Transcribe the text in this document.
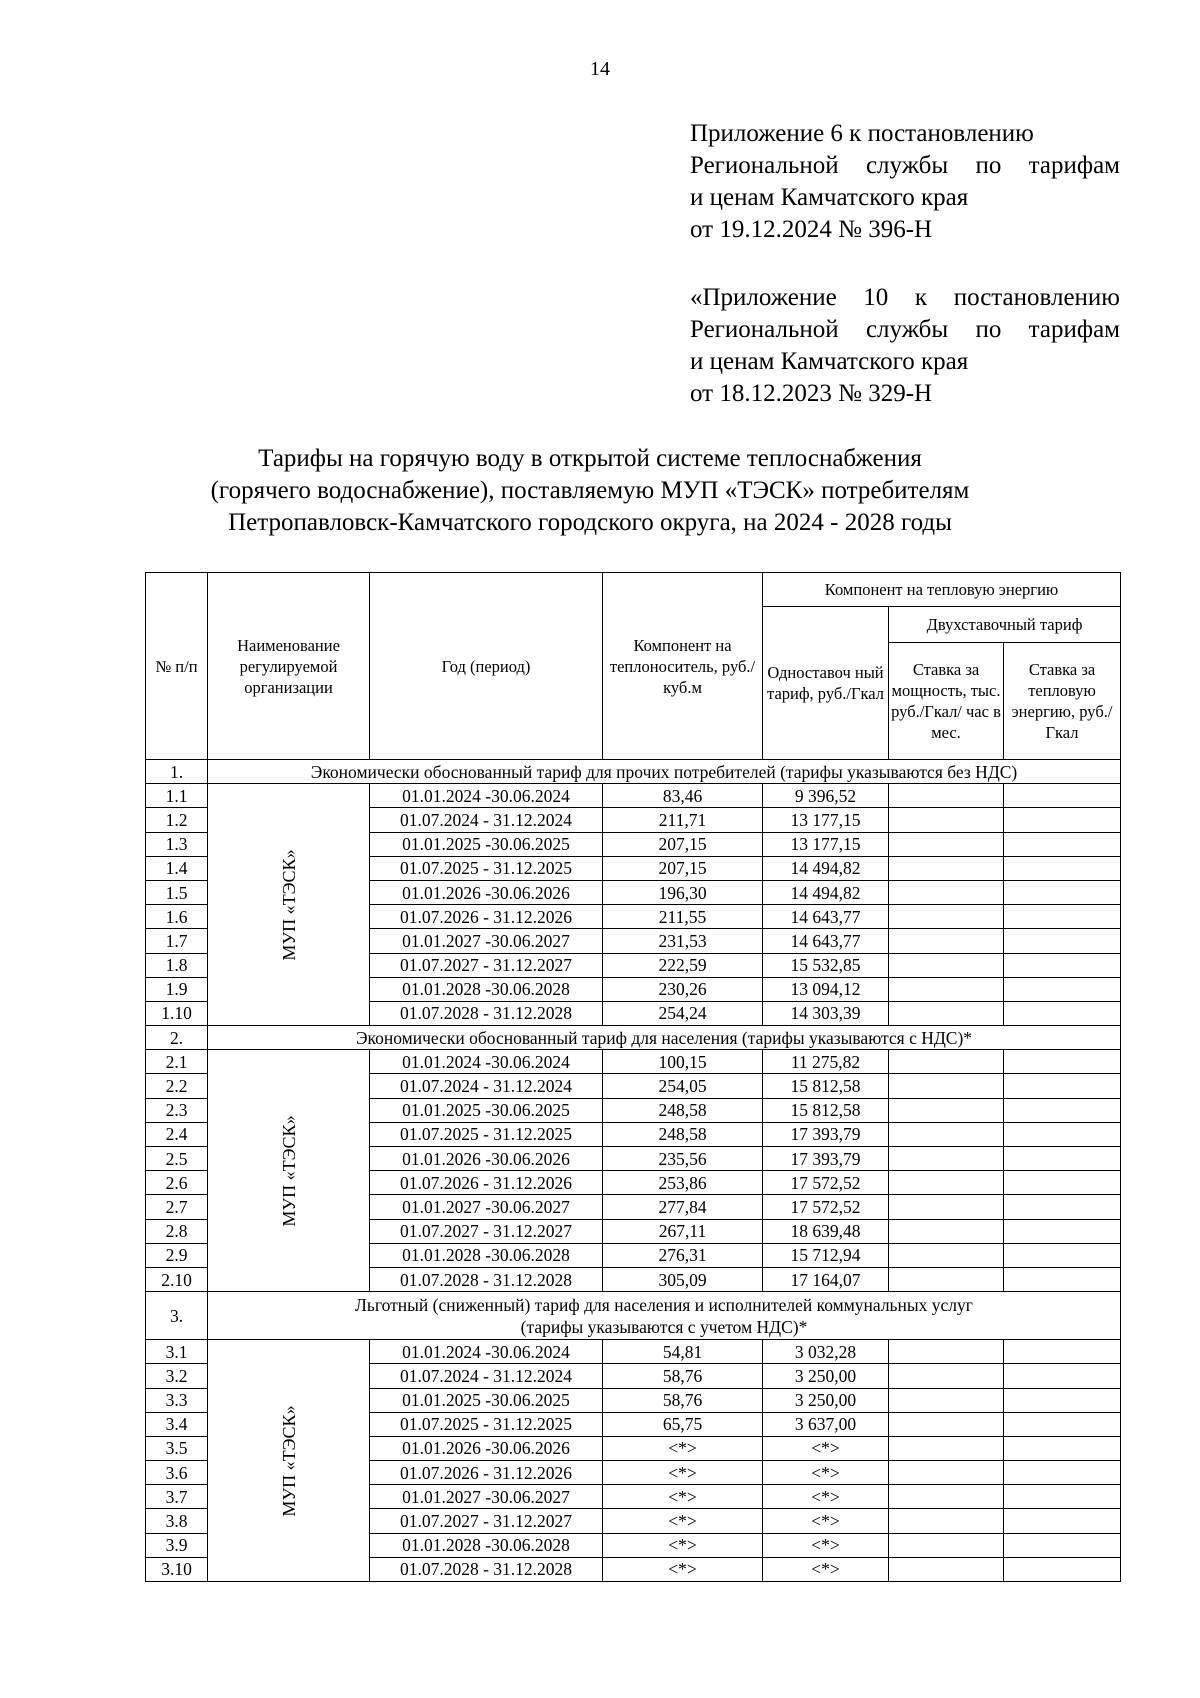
14
Приложение 6 к постановлению
Региональной службы по тарифам
и ценам Камчатского края
от 19.12.2024 № 396-Н
«Приложение 10 к постановлению
Региональной службы по тарифам
и ценам Камчатского края
от 18.12.2023 № 329-Н
Тарифы на горячую воду в открытой системе теплоснабжения
(горячего водоснабжение), поставляемую МУП «ТЭСК» потребителям
Петропавловск-Камчатского городского округа, на 2024 - 2028 годы
№ п/п	Наименование регулируемой организации	Год (период)	Компонент на теплоноситель, руб./куб.м	Компонент на тепловую энергию		
				Одноставоч ный тариф, руб./Гкал	Двухставочный тариф	
					Ставка за мощность, тыс. руб./Гкал/ час в мес.	Ставка за тепловую энергию, руб./Гкал
1.	Экономически обоснованный тариф для прочих потребителей (тарифы указываются без НДС)					
1.1	МУП «ТЭСК»	01.01.2024 -30.06.2024	83,46	9 396,52		
1.2		01.07.2024 - 31.12.2024	211,71	13 177,15		
1.3		01.01.2025 -30.06.2025	207,15	13 177,15		
1.4		01.07.2025 - 31.12.2025	207,15	14 494,82		
1.5		01.01.2026 -30.06.2026	196,30	14 494,82		
1.6		01.07.2026 - 31.12.2026	211,55	14 643,77		
1.7		01.01.2027 -30.06.2027	231,53	14 643,77		
1.8		01.07.2027 - 31.12.2027	222,59	15 532,85		
1.9		01.01.2028 -30.06.2028	230,26	13 094,12		
1.10		01.07.2028 - 31.12.2028	254,24	14 303,39		
2.	Экономически обоснованный тариф для населения (тарифы указываются с НДС)*					
2.1	МУП «ТЭСК»	01.01.2024 -30.06.2024	100,15	11 275,82		
2.2		01.07.2024 - 31.12.2024	254,05	15 812,58		
2.3		01.01.2025 -30.06.2025	248,58	15 812,58		
2.4		01.07.2025 - 31.12.2025	248,58	17 393,79		
2.5		01.01.2026 -30.06.2026	235,56	17 393,79		
2.6		01.07.2026 - 31.12.2026	253,86	17 572,52		
2.7		01.01.2027 -30.06.2027	277,84	17 572,52		
2.8		01.07.2027 - 31.12.2027	267,11	18 639,48		
2.9		01.01.2028 -30.06.2028	276,31	15 712,94		
2.10		01.07.2028 - 31.12.2028	305,09	17 164,07		
3.	Льготный (сниженный) тариф для населения и исполнителей коммунальных услуг
(тарифы указываются с учетом НДС)*					

3.1	МУП «ТЭСК»	01.01.2024 -30.06.2024	54,81	3 032,28		
3.2		01.07.2024 - 31.12.2024	58,76	3 250,00		
3.3		01.01.2025 -30.06.2025	58,76	3 250,00		
3.4		01.07.2025 - 31.12.2025	65,75	3 637,00		
3.5		01.01.2026 -30.06.2026	<*>	<*>		
3.6		01.07.2026 - 31.12.2026	<*>	<*>		
3.7		01.01.2027 -30.06.2027	<*>	<*>		
3.8		01.07.2027 - 31.12.2027	<*>	<*>		
3.9		01.01.2028 -30.06.2028	<*>	<*>		
3.10		01.07.2028 - 31.12.2028	<*>	<*>		
